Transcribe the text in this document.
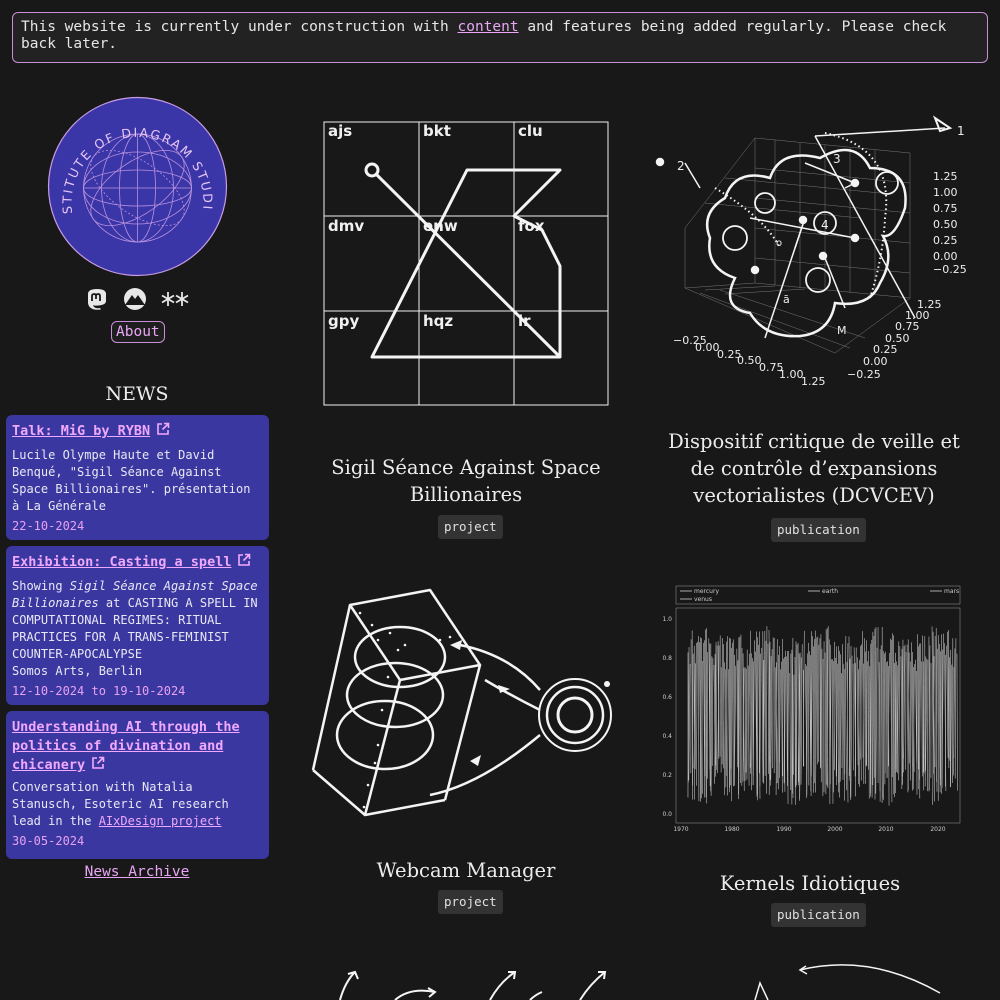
This website is currently under construction with content and features being added regularly. Please check back later.
STITUTE OF DIAGRAM STUDI
About
NEWS
Talk: MiG by RYBN
Lucile Olympe Haute et David Benqué, "Sigil Séance Against Space Billionaires". présentation à La Générale
22-10-2024
Exhibition: Casting a spell
Showing Sigil Séance Against Space Billionaires at CASTING A SPELL IN COMPUTATIONAL REGIMES: RITUAL PRACTICES FOR A TRANS-FEMINIST COUNTER-APOCALYPSE
Somos Arts, Berlin
12-10-2024 to 19-10-2024
Understanding AI through the politics of divination and chicanery
Conversation with Natalia Stanusch, Esoteric AI research lead in the AIxDesign project
30-05-2024
News Archive
ajs	bkt	clu
dmv	enw	fox
gpy	hqz	ir
Sigil Séance Against Space Billionaires
project
1
2	3
4
M
ā
o
1.25
1.00
0.75
0.50
0.25
0.00
−0.25
−0.25
0.00
0.25
0.50
0.75
1.00
1.25
1.25
1.00
0.75
0.50
0.25
0.00
−0.25
Dispositif critique de veille et de contrôle d’expansions vectorialistes (DCVCEV)
publication
Webcam Manager
project
mercury
venus
earth	mars
1.0
0.8
0.6
0.4
0.2
0.0
1970	1980	1990	2000	2010	2020
Kernels Idiotiques
publication
